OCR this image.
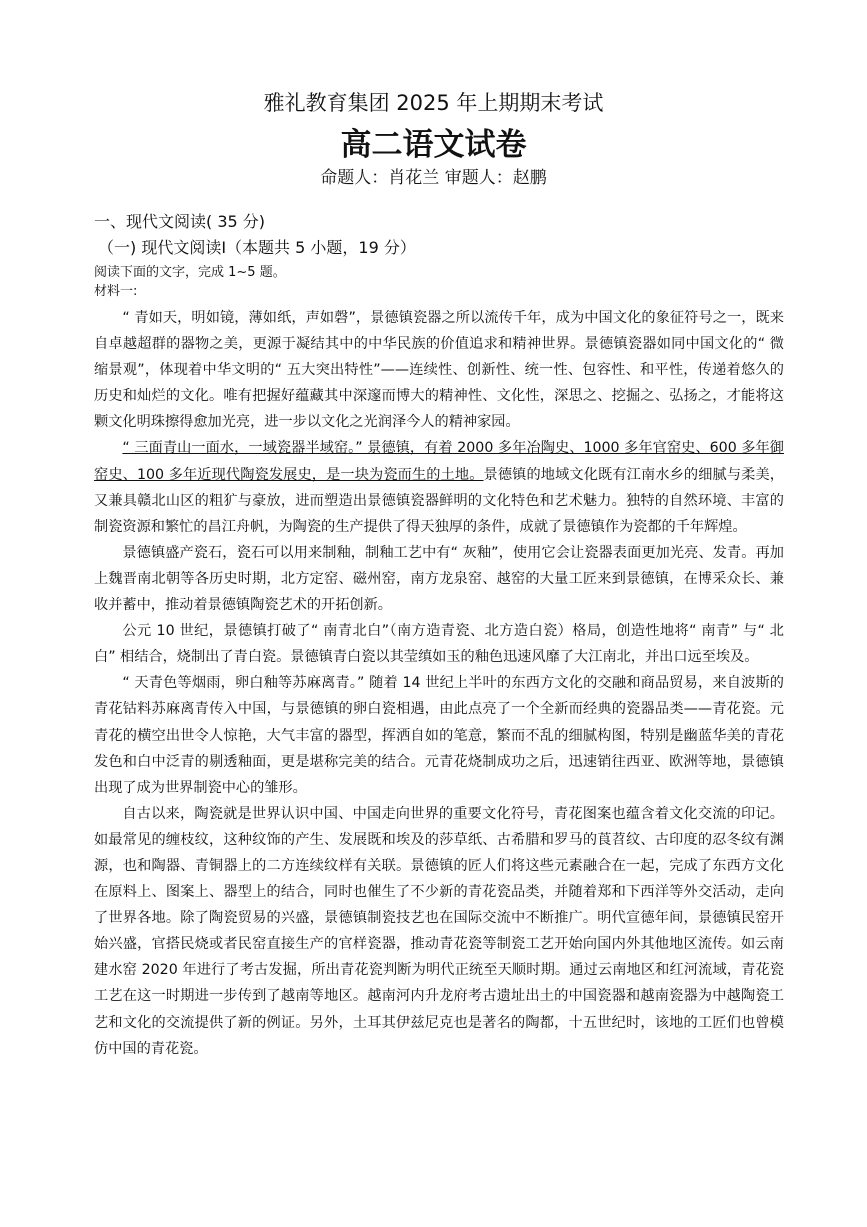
雅礼教育集团 2025 年上期期末考试
高二语文试卷
命题人：肖花兰 审题人：赵鹏
一、现代文阅读( 35 分)
（一) 现代文阅读Ⅰ（本题共 5 小题，19 分）
阅读下面的文字，完成 1~5 题。
材料一:

“ 青如天，明如镜，薄如纸，声如磬”，景德镇瓷器之所以流传千年，成为中国文化的象征符号之一，既来自卓越超群的器物之美，更源于凝结其中的中华民族的价值追求和精神世界。景德镇瓷器如同中国文化的“ 微缩景观”，体现着中华文明的“ 五大突出特性”——连续性、创新性、统一性、包容性、和平性，传递着悠久的历史和灿烂的文化。唯有把握好蕴藏其中深邃而博大的精神性、文化性，深思之、挖掘之、弘扬之，才能将这颗文化明珠擦得愈加光亮，进一步以文化之光润泽今人的精神家园。

“ 三面青山一面水，一域瓷器半域窑。” 景德镇，有着 2000 多年冶陶史、1000 多年官窑史、600 多年御窑史、100 多年近现代陶瓷发展史，是一块为瓷而生的土地。景德镇的地域文化既有江南水乡的细腻与柔美，又兼具赣北山区的粗犷与豪放，进而塑造出景德镇瓷器鲜明的文化特色和艺术魅力。独特的自然环境、丰富的制瓷资源和繁忙的昌江舟帆，为陶瓷的生产提供了得天独厚的条件，成就了景德镇作为瓷都的千年辉煌。

景德镇盛产瓷石，瓷石可以用来制釉，制釉工艺中有“ 灰釉”，使用它会让瓷器表面更加光亮、发青。再加上魏晋南北朝等各历史时期，北方定窑、磁州窑，南方龙泉窑、越窑的大量工匠来到景德镇，在博采众长、兼收并蓄中，推动着景德镇陶瓷艺术的开拓创新。

公元 10 世纪，景德镇打破了“ 南青北白”（南方造青瓷、北方造白瓷）格局，创造性地将“ 南青” 与“ 北白” 相结合，烧制出了青白瓷。景德镇青白瓷以其莹缜如玉的釉色迅速风靡了大江南北，并出口远至埃及。

“ 天青色等烟雨，卵白釉等苏麻离青。” 随着 14 世纪上半叶的东西方文化的交融和商品贸易，来自波斯的青花钴料苏麻离青传入中国，与景德镇的卵白瓷相遇，由此点亮了一个全新而经典的瓷器品类——青花瓷。元青花的横空出世令人惊艳，大气丰富的器型，挥洒自如的笔意，繁而不乱的细腻构图，特别是幽蓝华美的青花发色和白中泛青的剔透釉面，更是堪称完美的结合。元青花烧制成功之后，迅速销往西亚、欧洲等地，景德镇出现了成为世界制瓷中心的雏形。

自古以来，陶瓷就是世界认识中国、中国走向世界的重要文化符号，青花图案也蕴含着文化交流的印记。如最常见的缠枝纹，这种纹饰的产生、发展既和埃及的莎草纸、古希腊和罗马的莨苕纹、古印度的忍冬纹有渊源，也和陶器、青铜器上的二方连续纹样有关联。景德镇的匠人们将这些元素融合在一起，完成了东西方文化在原料上、图案上、器型上的结合，同时也催生了不少新的青花瓷品类，并随着郑和下西洋等外交活动，走向了世界各地。除了陶瓷贸易的兴盛，景德镇制瓷技艺也在国际交流中不断推广。明代宣德年间，景德镇民窑开始兴盛，官搭民烧或者民窑直接生产的官样瓷器，推动青花瓷等制瓷工艺开始向国内外其他地区流传。如云南建水窑 2020 年进行了考古发掘，所出青花瓷判断为明代正统至天顺时期。通过云南地区和红河流域，青花瓷工艺在这一时期进一步传到了越南等地区。越南河内升龙府考古遗址出土的中国瓷器和越南瓷器为中越陶瓷工艺和文化的交流提供了新的例证。另外，土耳其伊兹尼克也是著名的陶都，十五世纪时，该地的工匠们也曾模仿中国的青花瓷。
